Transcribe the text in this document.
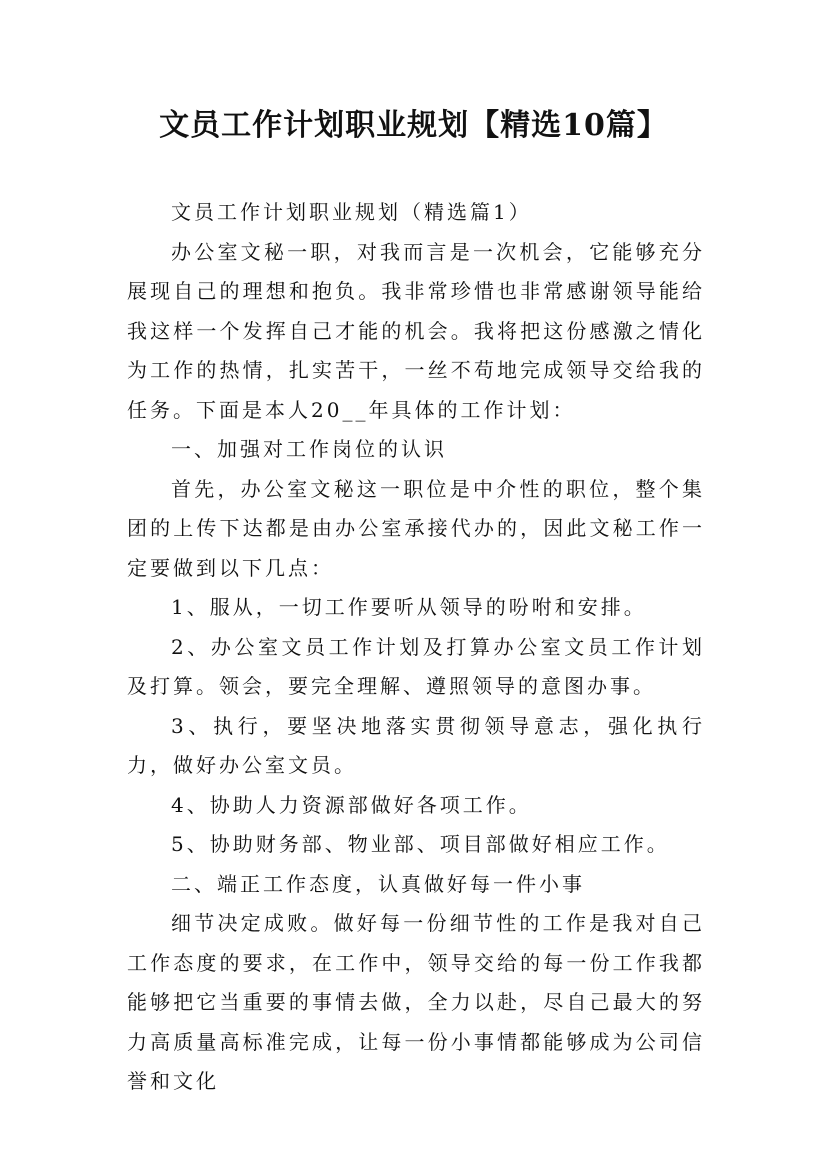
文员工作计划职业规划【精选10篇】

文员工作计划职业规划（精选篇1）

办公室文秘一职，对我而言是一次机会，它能够充分展现自己的理想和抱负。我非常珍惜也非常感谢领导能给我这样一个发挥自己才能的机会。我将把这份感激之情化为工作的热情，扎实苦干，一丝不苟地完成领导交给我的任务。下面是本人20__年具体的工作计划：

一、加强对工作岗位的认识

首先，办公室文秘这一职位是中介性的职位，整个集团的上传下达都是由办公室承接代办的，因此文秘工作一定要做到以下几点：

1、服从，一切工作要听从领导的吩咐和安排。

2、办公室文员工作计划及打算办公室文员工作计划及打算。领会，要完全理解、遵照领导的意图办事。

3、执行，要坚决地落实贯彻领导意志，强化执行力，做好办公室文员。

4、协助人力资源部做好各项工作。

5、协助财务部、物业部、项目部做好相应工作。

二、端正工作态度，认真做好每一件小事

细节决定成败。做好每一份细节性的工作是我对自己工作态度的要求，在工作中，领导交给的每一份工作我都能够把它当重要的事情去做，全力以赴，尽自己最大的努力高质量高标准完成，让每一份小事情都能够成为公司信誉和文化
